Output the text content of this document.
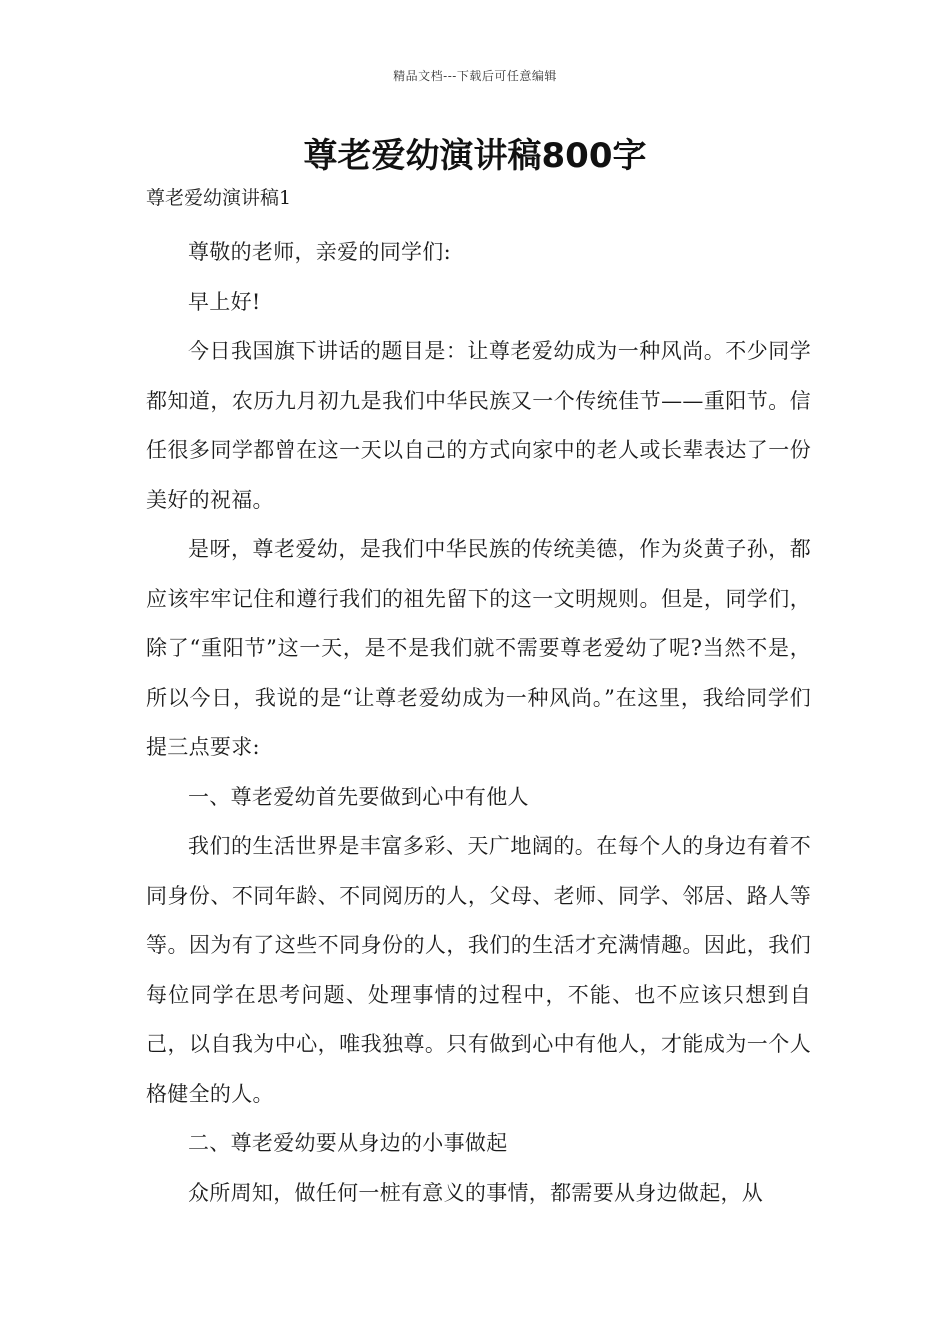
精品文档---下载后可任意编辑
尊老爱幼演讲稿800字
尊老爱幼演讲稿1

尊敬的老师，亲爱的同学们:

早上好!

今日我国旗下讲话的题目是：让尊老爱幼成为一种风尚。不少同学都知道，农历九月初九是我们中华民族又一个传统佳节——重阳节。信任很多同学都曾在这一天以自己的方式向家中的老人或长辈表达了一份美好的祝福。

是呀，尊老爱幼，是我们中华民族的传统美德，作为炎黄子孙，都应该牢牢记住和遵行我们的祖先留下的这一文明规则。但是，同学们，除了“重阳节”这一天，是不是我们就不需要尊老爱幼了呢?当然不是，所以今日，我说的是“让尊老爱幼成为一种风尚。”在这里，我给同学们提三点要求:

一、尊老爱幼首先要做到心中有他人

我们的生活世界是丰富多彩、天广地阔的。在每个人的身边有着不同身份、不同年龄、不同阅历的人，父母、老师、同学、邻居、路人等等。因为有了这些不同身份的人，我们的生活才充满情趣。因此，我们每位同学在思考问题、处理事情的过程中，不能、也不应该只想到自己，以自我为中心，唯我独尊。只有做到心中有他人，才能成为一个人格健全的人。

二、尊老爱幼要从身边的小事做起

众所周知，做任何一桩有意义的事情，都需要从身边做起，从
